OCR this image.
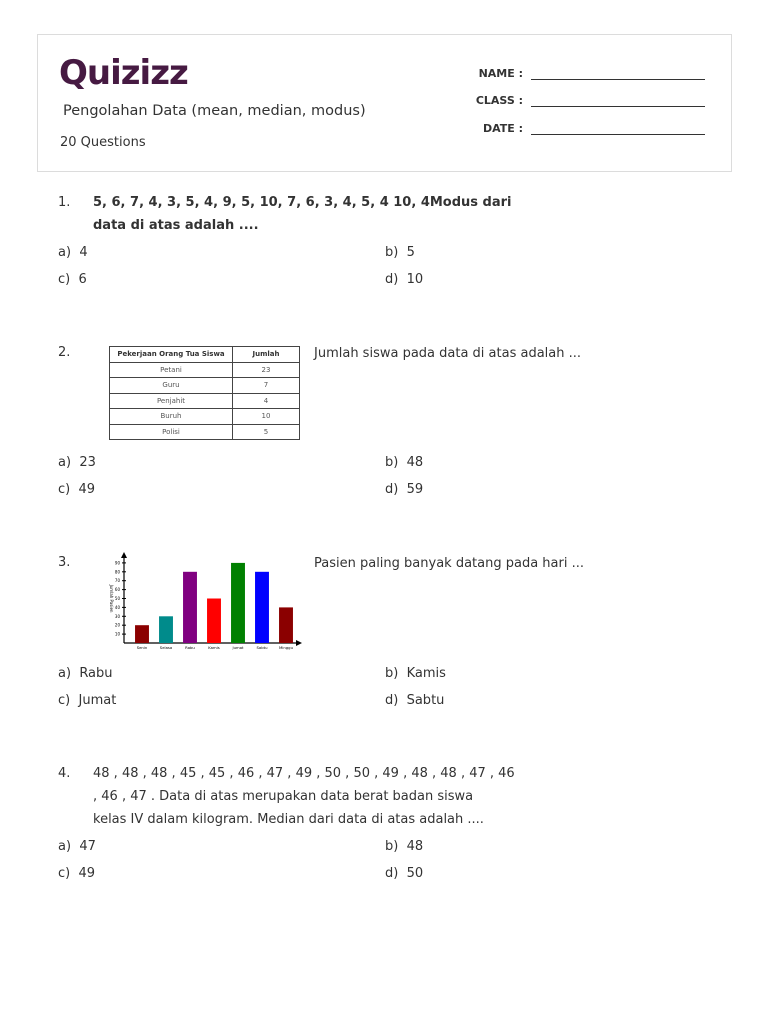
Quizizz
Pengolahan Data (mean, median, modus)
20 Questions
NAME :
CLASS :
DATE :
1. 5, 6, 7, 4, 3, 5, 4, 9, 5, 10, 7, 6, 3, 4, 5, 4 10, 4Modus dari
data di atas adalah ....
a) 4	b) 5
c) 6	d) 10
2.	Pekerjaan Orang Tua Siswa	Jumlah
Petani	23
Guru	7
Penjahit	4
Buruh	10
Polisi	5
Jumlah siswa pada data di atas adalah ...
a) 23	b) 48
c) 49	d) 59
3.
10
20
30
40
50
60
70
80
90
Jumlah Pasien
Senin	Selasa	Rabu	Kamis	Jumat	Sabtu	Minggu
Pasien paling banyak datang pada hari ...
a) Rabu	b) Kamis
c) Jumat	d) Sabtu
4. 48 , 48 , 48 , 45 , 45 , 46 , 47 , 49 , 50 , 50 , 49 , 48 , 48 , 47 , 46
, 46 , 47 . Data di atas merupakan data berat badan siswa
kelas IV dalam kilogram. Median dari data di atas adalah ....
a) 47	b) 48
c) 49	d) 50
